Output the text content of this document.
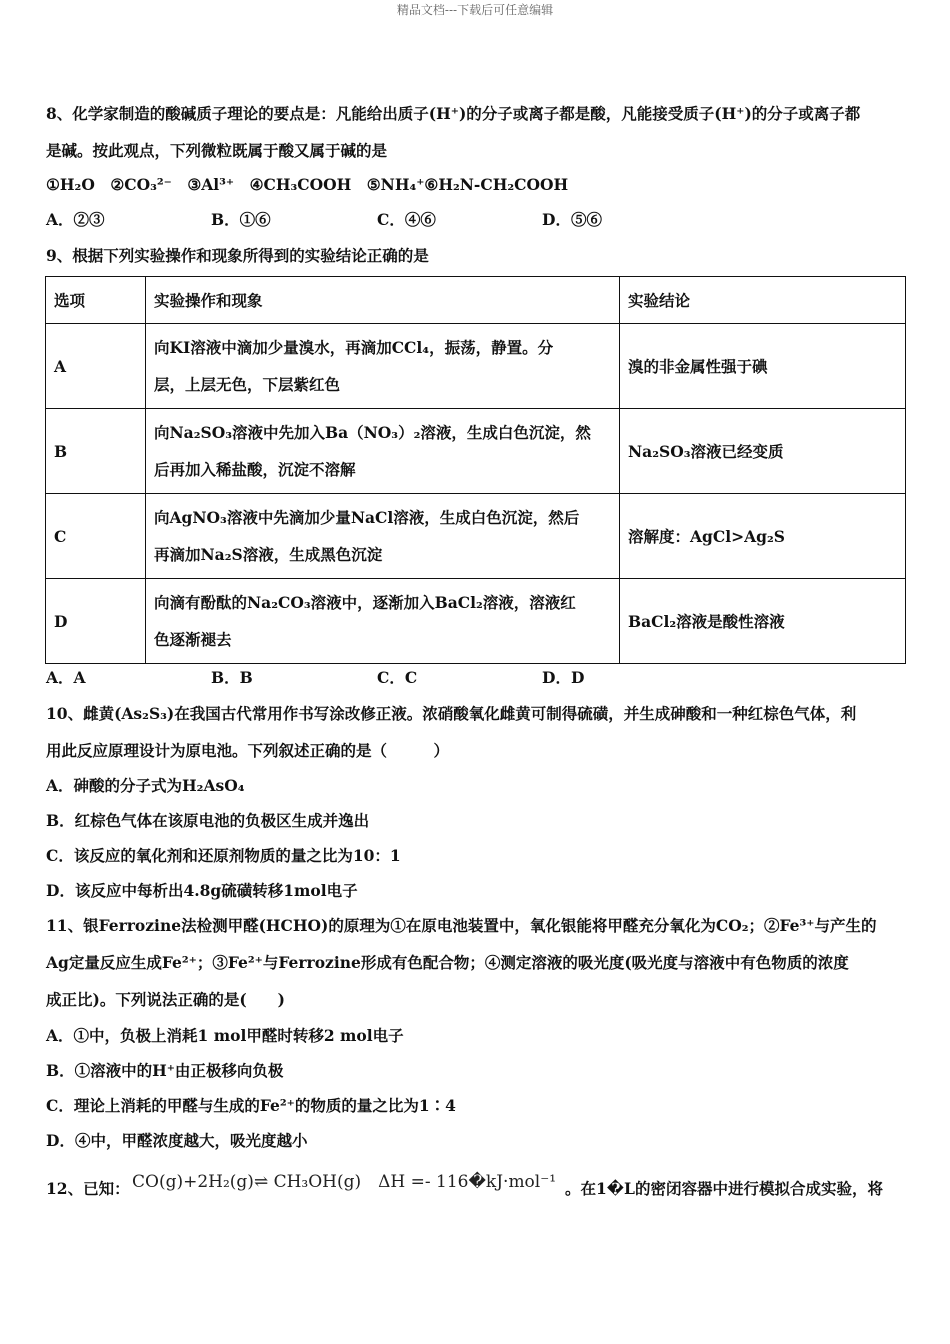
精品文档---下载后可任意编辑
8、化学家制造的酸碱质子理论的要点是：凡能给出质子(H⁺)的分子或离子都是酸，凡能接受质子(H⁺)的分子或离子都
是碱。按此观点，下列微粒既属于酸又属于碱的是
①H₂O　②CO₃²⁻　③Al³⁺　④CH₃COOH　⑤NH₄⁺⑥H₂N-CH₂COOH
A．②③	B．①⑥	C．④⑥	D．⑤⑥
9、根据下列实验操作和现象所得到的实验结论正确的是
选项	实验操作和现象	实验结论
A	向KI溶液中滴加少量溴水，再滴加CCl₄，振荡，静置。分
层，上层无色，下层紫红色	溴的非金属性强于碘
B	向Na₂SO₃溶液中先加入Ba（NO₃）₂溶液，生成白色沉淀，然
后再加入稀盐酸，沉淀不溶解	Na₂SO₃溶液已经变质
C	向AgNO₃溶液中先滴加少量NaCl溶液，生成白色沉淀，然后
再滴加Na₂S溶液，生成黑色沉淀	溶解度：AgCl>Ag₂S
D	向滴有酚酞的Na₂CO₃溶液中，逐渐加入BaCl₂溶液，溶液红
色逐渐褪去	BaCl₂溶液是酸性溶液
A．A	B．B	C．C	D．D
10、雌黄(As₂S₃)在我国古代常用作书写涂改修正液。浓硝酸氧化雌黄可制得硫磺，并生成砷酸和一种红棕色气体，利
用此反应原理设计为原电池。下列叙述正确的是（　　　）
A．砷酸的分子式为H₂AsO₄
B．红棕色气体在该原电池的负极区生成并逸出
C．该反应的氧化剂和还原剂物质的量之比为10：1
D．该反应中每析出4.8g硫磺转移1mol电子
11、银Ferrozine法检测甲醛(HCHO)的原理为①在原电池装置中，氧化银能将甲醛充分氧化为CO₂；②Fe³⁺与产生的
Ag定量反应生成Fe²⁺；③Fe²⁺与Ferrozine形成有色配合物；④测定溶液的吸光度(吸光度与溶液中有色物质的浓度
成正比)。下列说法正确的是(　　)
A．①中，负极上消耗1 mol甲醛时转移2 mol电子
B．①溶液中的H⁺由正极移向负极
C．理论上消耗的甲醛与生成的Fe²⁺的物质的量之比为1∶4
D．④中，甲醛浓度越大，吸光度越小
12、已知： CO(g)+2H₂(g)⇌ CH₃OH(g)　ΔH =- 116�kJ·mol⁻¹ 。在1�L的密闭容器中进行模拟合成实验，将
